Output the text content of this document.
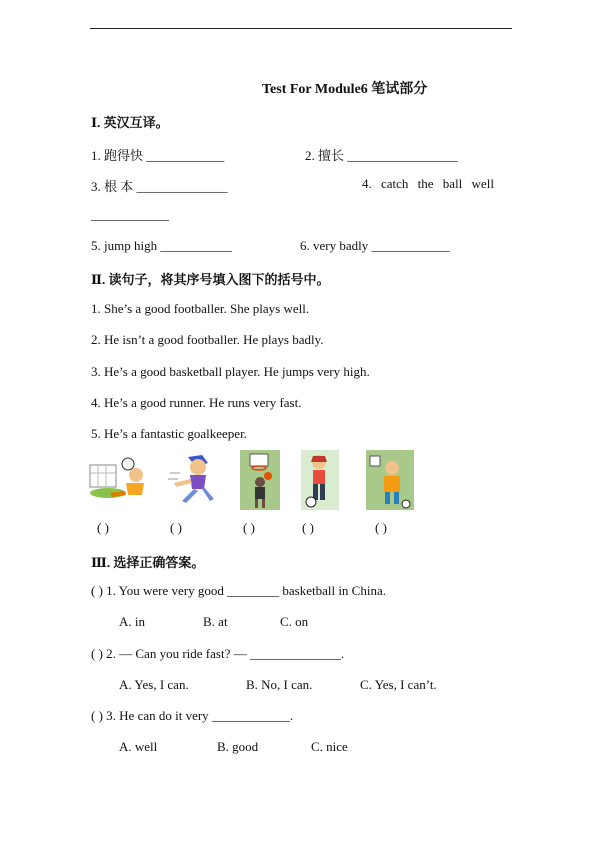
Test For Module6 笔试部分
Ⅰ. 英汉互译。
1. 跑得快 ____________	2. 擅长 _________________
3. 根 本 ______________	4. catch the ball well
____________
5. jump high ___________	6. very badly ____________
Ⅱ. 读句子，将其序号填入图下的括号中。
1. She’s a good footballer. She plays well.
2. He isn’t a good footballer. He plays badly.
3. He’s a good basketball player. He jumps very high.
4. He’s a good runner. He runs very fast.
5. He’s a fantastic goalkeeper.
( )	( )	( )	( )	( )
Ⅲ. 选择正确答案。
( ) 1. You were very good ________ basketball in China.
A. in	B. at	C. on
( ) 2. — Can you ride fast? — ______________.
A. Yes, I can.	B. No, I can.	C. Yes, I can’t.
( ) 3. He can do it very ____________.
A. well	B. good	C. nice
